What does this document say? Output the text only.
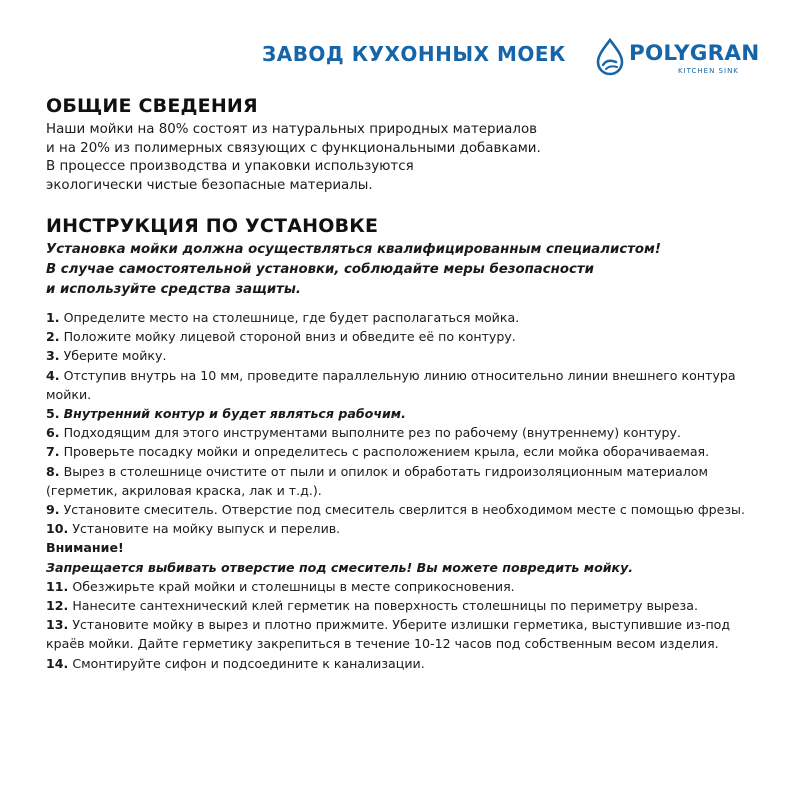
ЗАВОД КУХОННЫХ МОЕК	POLYGRAN
KITCHEN SINK
ОБЩИЕ СВЕДЕНИЯ
Наши мойки на 80% состоят из натуральных природных материалов
и на 20% из полимерных связующих с функциональными добавками.
В процессе производства и упаковки используются
экологически чистые безопасные материалы.
ИНСТРУКЦИЯ ПО УСТАНОВКЕ
Установка мойки должна осуществляться квалифицированным специалистом!
В случае самостоятельной установки, соблюдайте меры безопасности
и используйте средства защиты.
1. Определите место на столешнице, где будет располагаться мойка.
2. Положите мойку лицевой стороной вниз и обведите её по контуру.
3. Уберите мойку.
4. Отступив внутрь на 10 мм, проведите параллельную линию относительно линии внешнего контура мойки.
5. Внутренний контур и будет являться рабочим.
6. Подходящим для этого инструментами выполните рез по рабочему (внутреннему) контуру.
7. Проверьте посадку мойки и определитесь с расположением крыла, если мойка оборачиваемая.
8. Вырез в столешнице очистите от пыли и опилок и обработать гидроизоляционным материалом (герметик, акриловая краска, лак и т.д.).
9. Установите смеситель. Отверстие под смеситель сверлится в необходимом месте с помощью фрезы.
10. Установите на мойку выпуск и перелив.
Внимание!
Запрещается выбивать отверстие под смеситель! Вы можете повредить мойку.
11. Обезжирьте край мойки и столешницы в месте соприкосновения.
12. Нанесите сантехнический клей герметик на поверхность столешницы по периметру выреза.
13. Установите мойку в вырез и плотно прижмите. Уберите излишки герметика, выступившие из-под краёв мойки. Дайте герметику закрепиться в течение 10-12 часов под собственным весом изделия.
14. Смонтируйте сифон и подсоедините к канализации.
